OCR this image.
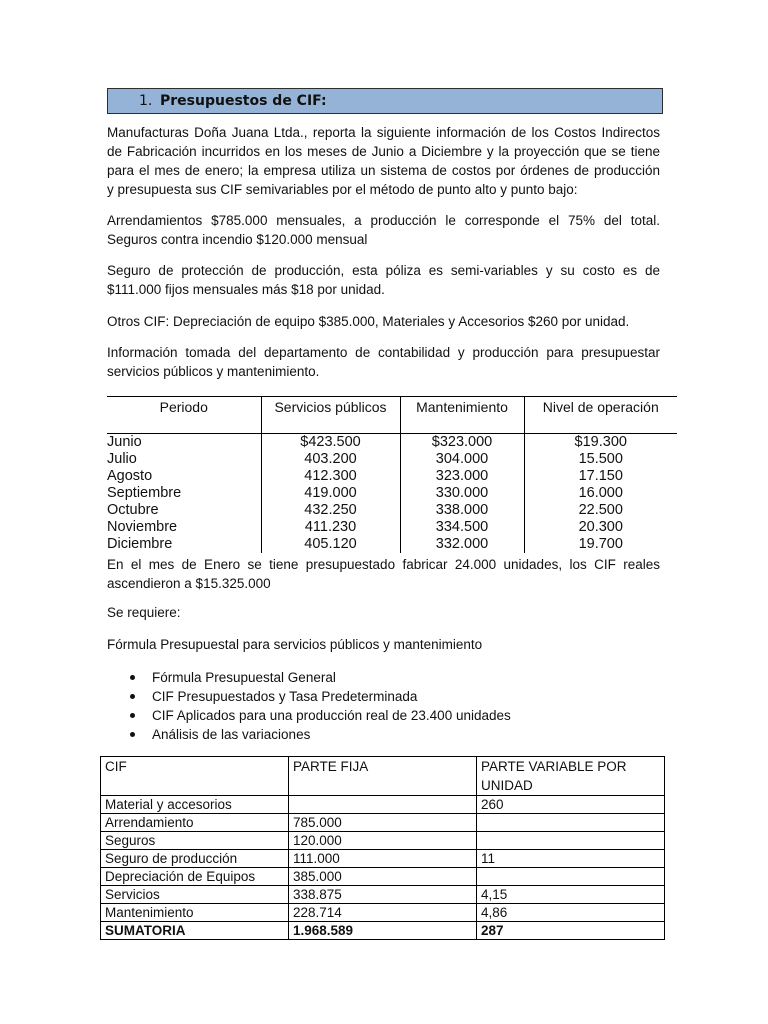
1. Presupuestos de CIF:

Manufacturas Doña Juana Ltda., reporta la siguiente información de los Costos Indirectos
de Fabricación incurridos en los meses de Junio a Diciembre y la proyección que se tiene
para el mes de enero; la empresa utiliza un sistema de costos por órdenes de producción
y presupuesta sus CIF semivariables por el método de punto alto y punto bajo:

Arrendamientos $785.000 mensuales, a producción le corresponde el 75% del total.
Seguros contra incendio $120.000 mensual

Seguro de protección de producción, esta póliza es semi-variables y su costo es de
$111.000 fijos mensuales más $18 por unidad.

Otros CIF: Depreciación de equipo $385.000, Materiales y Accesorios $260 por unidad.

Información tomada del departamento de contabilidad y producción para presupuestar
servicios públicos y mantenimiento.

Periodo	Servicios públicos	Mantenimiento	Nivel de operación
Junio	$423.500	$323.000	$19.300
Julio	403.200	304.000	15.500
Agosto	412.300	323.000	17.150
Septiembre	419.000	330.000	16.000
Octubre	432.250	338.000	22.500
Noviembre	411.230	334.500	20.300
Diciembre	405.120	332.000	19.700

En el mes de Enero se tiene presupuestado fabricar 24.000 unidades, los CIF reales
ascendieron a $15.325.000

Se requiere:

Fórmula Presupuestal para servicios públicos y mantenimiento

Fórmula Presupuestal General
CIF Presupuestados y Tasa Predeterminada
CIF Aplicados para una producción real de 23.400 unidades
Análisis de las variaciones
CIF	PARTE FIJA	PARTE VARIABLE POR UNIDAD
Material y accesorios		260
Arrendamiento	785.000	
Seguros	120.000	
Seguro de producción	111.000	11
Depreciación de Equipos	385.000	
Servicios	338.875	4,15
Mantenimiento	228.714	4,86
SUMATORIA	1.968.589	287
